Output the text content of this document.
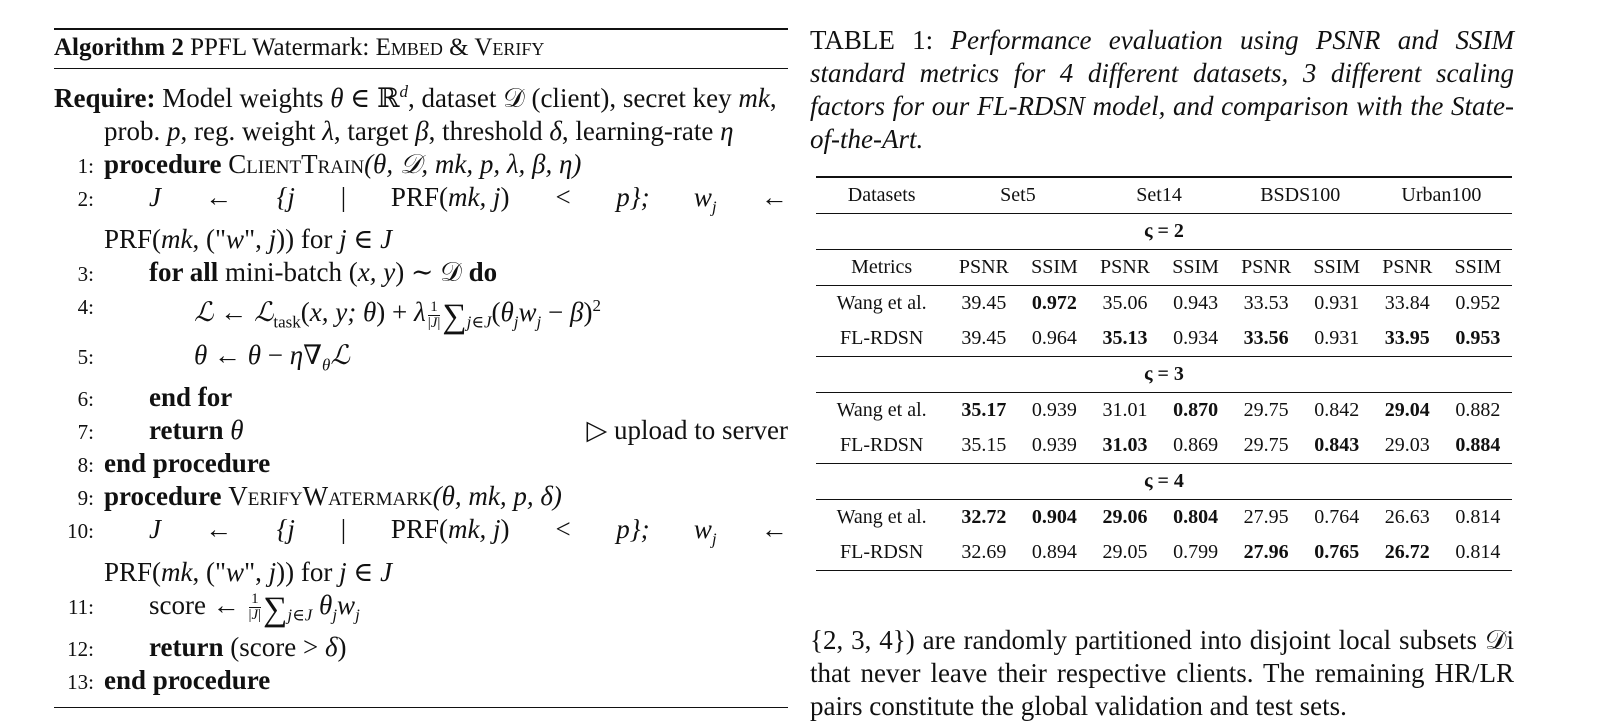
Algorithm 2 PPFL Watermark: Embed & Verify
Require: Model weights θ ∈ ℝ$^d$, dataset 𝒟 (client), secret key mk, prob. p, reg. weight λ, target β, threshold δ, learning-rate η
1: procedure ClientTrain(θ, 𝒟, mk, p, λ, β, η)
2: J ← {j | PRF(mk, j) < p}; $w_j$ ←
PRF(mk, ("w", j)) for j ∈ J
3: for all mini-batch (x, y) ∼ 𝒟 do
4:	ℒ ← ℒ$_{task}$(x, y; θ) + λ $\frac{1}{|J|} \sum_{j\in J}(\theta_jw_j - \beta)^2$
5:	θ ← $\theta - \eta\nabla_\theta ℒ$
6: end for
7: return θ	▷ upload to server
8: end procedure
9: procedure VerifyWatermark(θ, mk, p, δ)
10: J ← {j | PRF(mk, j) < p}; $w_j$ ←
PRF(mk, ("w", j)) for j ∈ J
11: score ← $\frac{1}{|J|} \sum_{j\in J}$ $\theta_jw_j$
12: return (score > δ)
13: end procedure
TABLE 1: Performance evaluation using PSNR and SSIM standard metrics for 4 different datasets, 3 different scaling factors for our FL-RDSN model, and comparison with the State-of-the-Art.
Datasets	Set5		Set14		BSDS100		Urban100	
ς = 2								
Metrics	PSNR	SSIM	PSNR	SSIM	PSNR	SSIM	PSNR	SSIM
Wang et al.	39.45	0.972	35.06	0.943	33.53	0.931	33.84	0.952
FL-RDSN	39.45	0.964	35.13	0.934	33.56	0.931	33.95	0.953
ς = 3								
Wang et al.	35.17	0.939	31.01	0.870	29.75	0.842	29.04	0.882
FL-RDSN	35.15	0.939	31.03	0.869	29.75	0.843	29.03	0.884
ς = 4								
Wang et al.	32.72	0.904	29.06	0.804	27.95	0.764	26.63	0.814
FL-RDSN	32.69	0.894	29.05	0.799	27.96	0.765	26.72	0.814
{2, 3, 4}) are randomly partitioned into disjoint local subsets 𝒟i that never leave their respective clients. The remaining HR/LR pairs constitute the global validation and test sets.
